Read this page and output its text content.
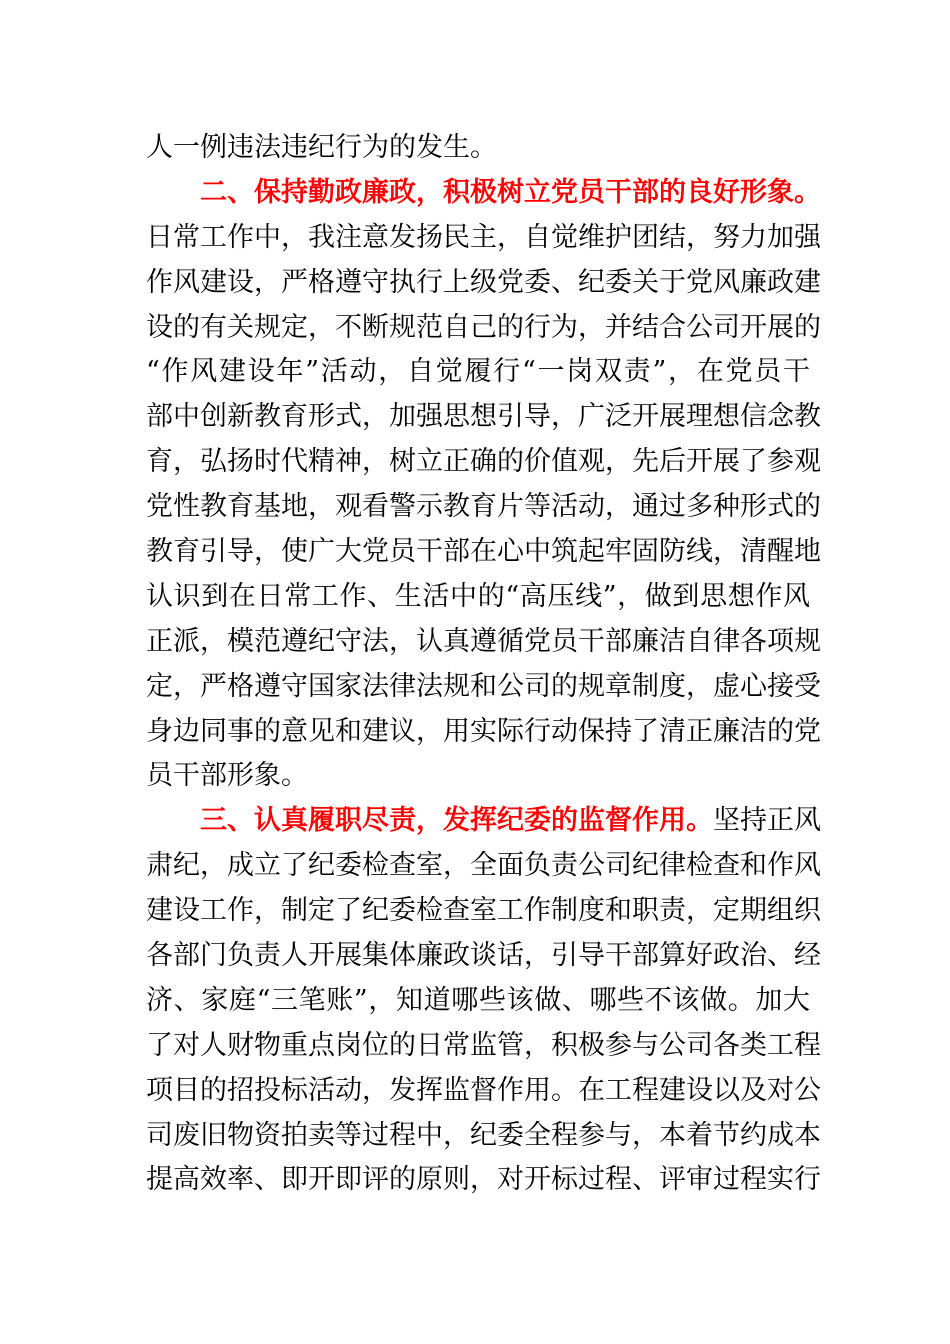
人一例违法违纪行为的发生。
二、保持勤政廉政，积极树立党员干部的良好形象。
日常工作中，我注意发扬民主，自觉维护团结，努力加强
作风建设，严格遵守执行上级党委、纪委关于党风廉政建
设的有关规定，不断规范自己的行为，并结合公司开展的
“作风建设年”活动，自觉履行“一岗双责”，在党员干
部中创新教育形式，加强思想引导，广泛开展理想信念教
育，弘扬时代精神，树立正确的价值观，先后开展了参观
党性教育基地，观看警示教育片等活动，通过多种形式的
教育引导，使广大党员干部在心中筑起牢固防线，清醒地
认识到在日常工作、生活中的“高压线”，做到思想作风
正派，模范遵纪守法，认真遵循党员干部廉洁自律各项规
定，严格遵守国家法律法规和公司的规章制度，虚心接受
身边同事的意见和建议，用实际行动保持了清正廉洁的党
员干部形象。
三、认真履职尽责，发挥纪委的监督作用。坚持正风
肃纪，成立了纪委检查室，全面负责公司纪律检查和作风
建设工作，制定了纪委检查室工作制度和职责，定期组织
各部门负责人开展集体廉政谈话，引导干部算好政治、经
济、家庭“三笔账”，知道哪些该做、哪些不该做。加大
了对人财物重点岗位的日常监管，积极参与公司各类工程
项目的招投标活动，发挥监督作用。在工程建设以及对公
司废旧物资拍卖等过程中，纪委全程参与，本着节约成本
提高效率、即开即评的原则，对开标过程、评审过程实行
